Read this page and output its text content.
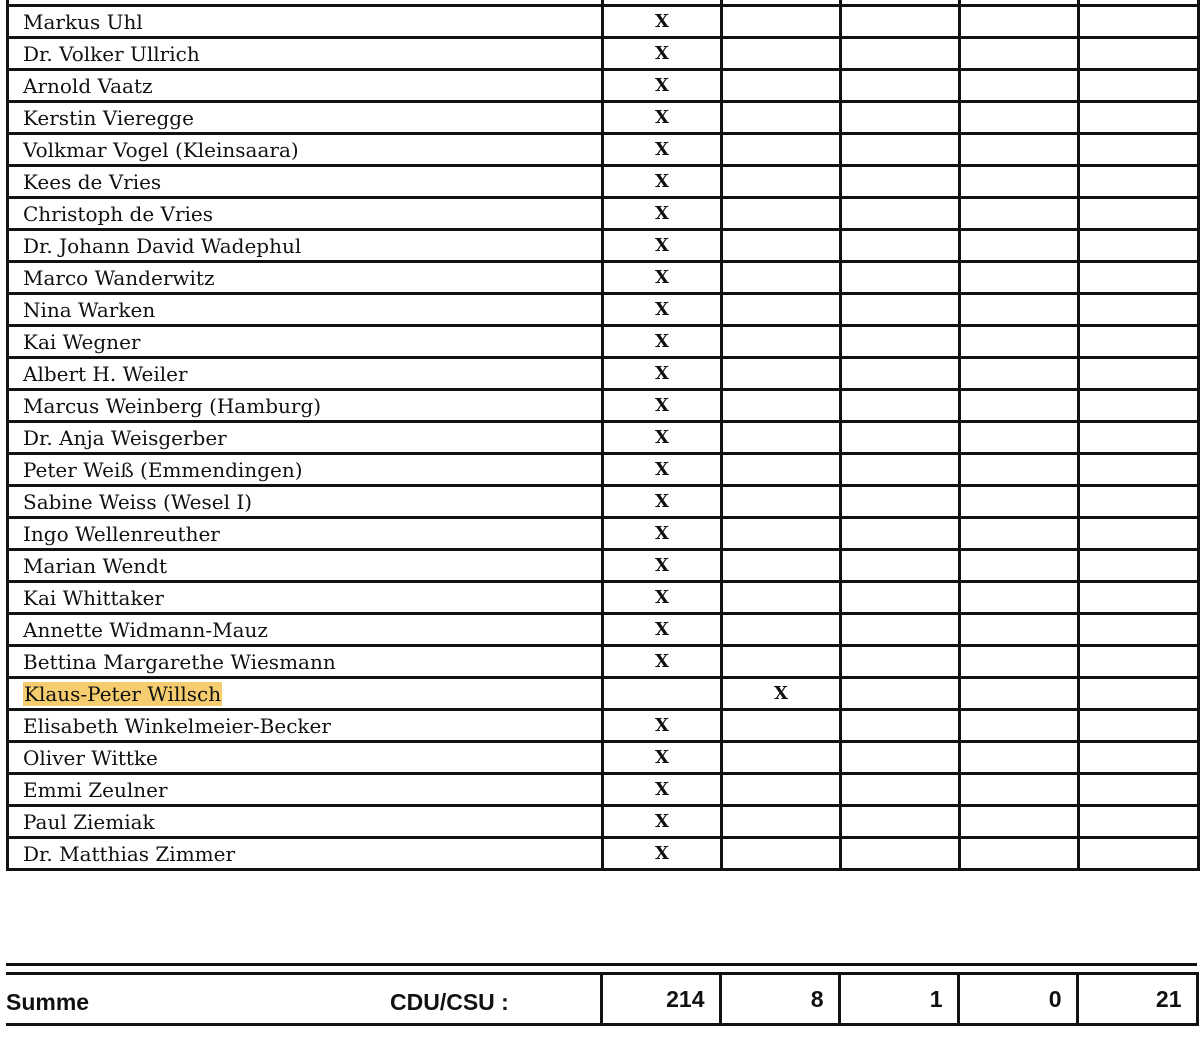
Markus Uhl	X				
Dr. Volker Ullrich	X				
Arnold Vaatz	X				
Kerstin Vieregge	X				
Volkmar Vogel (Kleinsaara)	X				
Kees de Vries	X				
Christoph de Vries	X				
Dr. Johann David Wadephul	X				
Marco Wanderwitz	X				
Nina Warken	X				
Kai Wegner	X				
Albert H. Weiler	X				
Marcus Weinberg (Hamburg)	X				
Dr. Anja Weisgerber	X				
Peter Weiß (Emmendingen)	X				
Sabine Weiss (Wesel I)	X				
Ingo Wellenreuther	X				
Marian Wendt	X				
Kai Whittaker	X				
Annette Widmann-Mauz	X				
Bettina Margarethe Wiesmann	X				
Klaus-Peter Willsch		X			
Elisabeth Winkelmeier-Becker	X				
Oliver Wittke	X				
Emmi Zeulner	X				
Paul Ziemiak	X				
Dr. Matthias Zimmer	X				
Summe	CDU/CSU :	214	8	1	0	21
